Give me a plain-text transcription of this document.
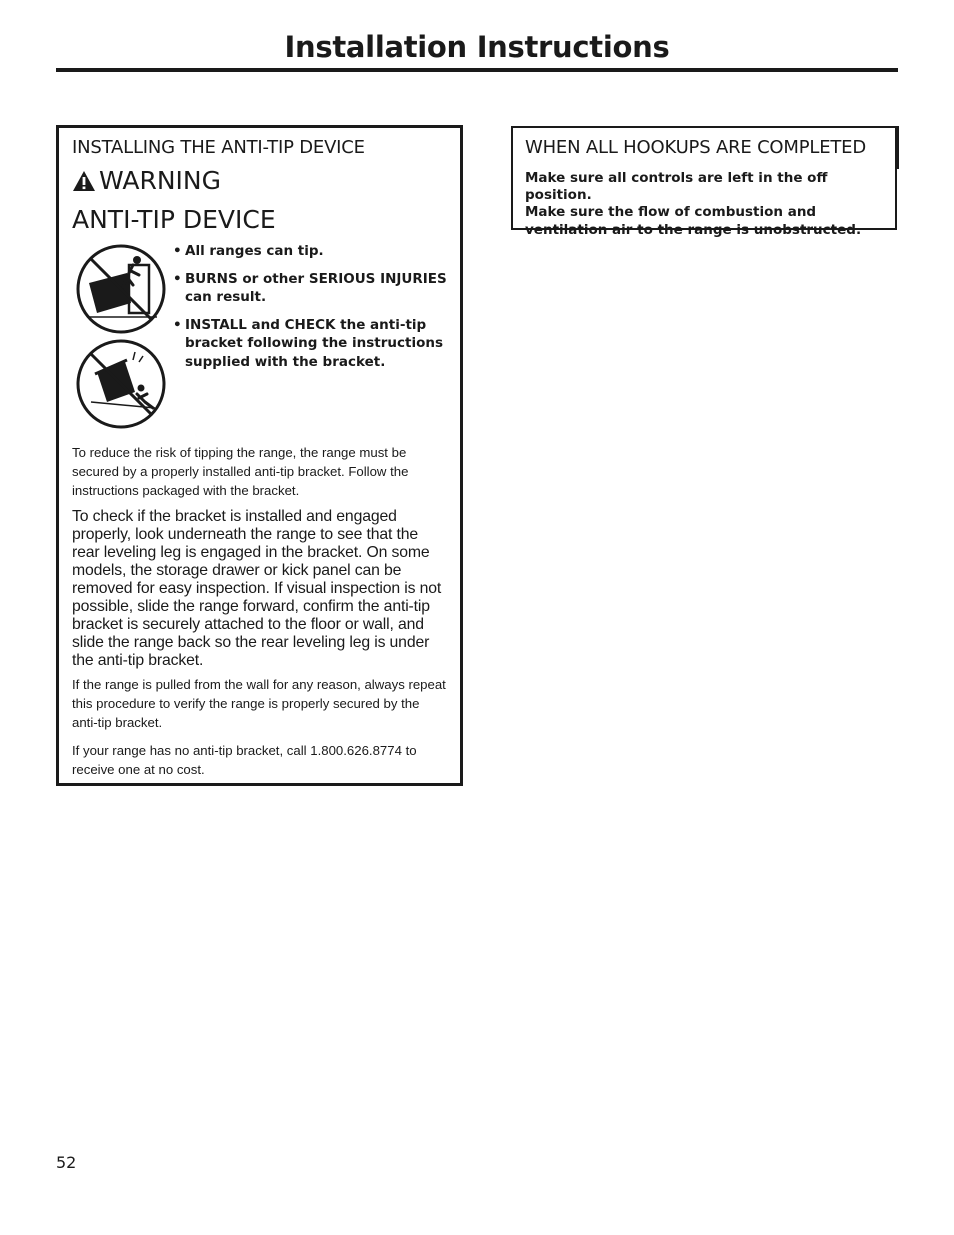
Installation Instructions
INSTALLING THE ANTI-TIP DEVICE
WARNING
ANTI-TIP DEVICE
• All ranges can tip.
• BURNS or other SERIOUS INJURIES can result.
• INSTALL and CHECK the anti-tip bracket following the instructions supplied with the bracket.

To reduce the risk of tipping the range, the range must be secured by a properly installed anti-tip bracket. Follow the instructions packaged with the bracket.

To check if the bracket is installed and engaged properly, look underneath the range to see that the rear leveling leg is engaged in the bracket. On some models, the storage drawer or kick panel can be removed for easy inspection. If visual inspection is not possible, slide the range forward, confirm the anti-tip bracket is securely attached to the floor or wall, and slide the range back so the rear leveling leg is under the anti-tip bracket.

If the range is pulled from the wall for any reason, always repeat this procedure to verify the range is properly secured by the anti-tip bracket.

If your range has no anti-tip bracket, call 1.800.626.8774 to receive one at no cost.

WHEN ALL HOOKUPS ARE COMPLETED
Make sure all controls are left in the off position.
Make sure the flow of combustion and ventilation air to the range is unobstructed.
52
